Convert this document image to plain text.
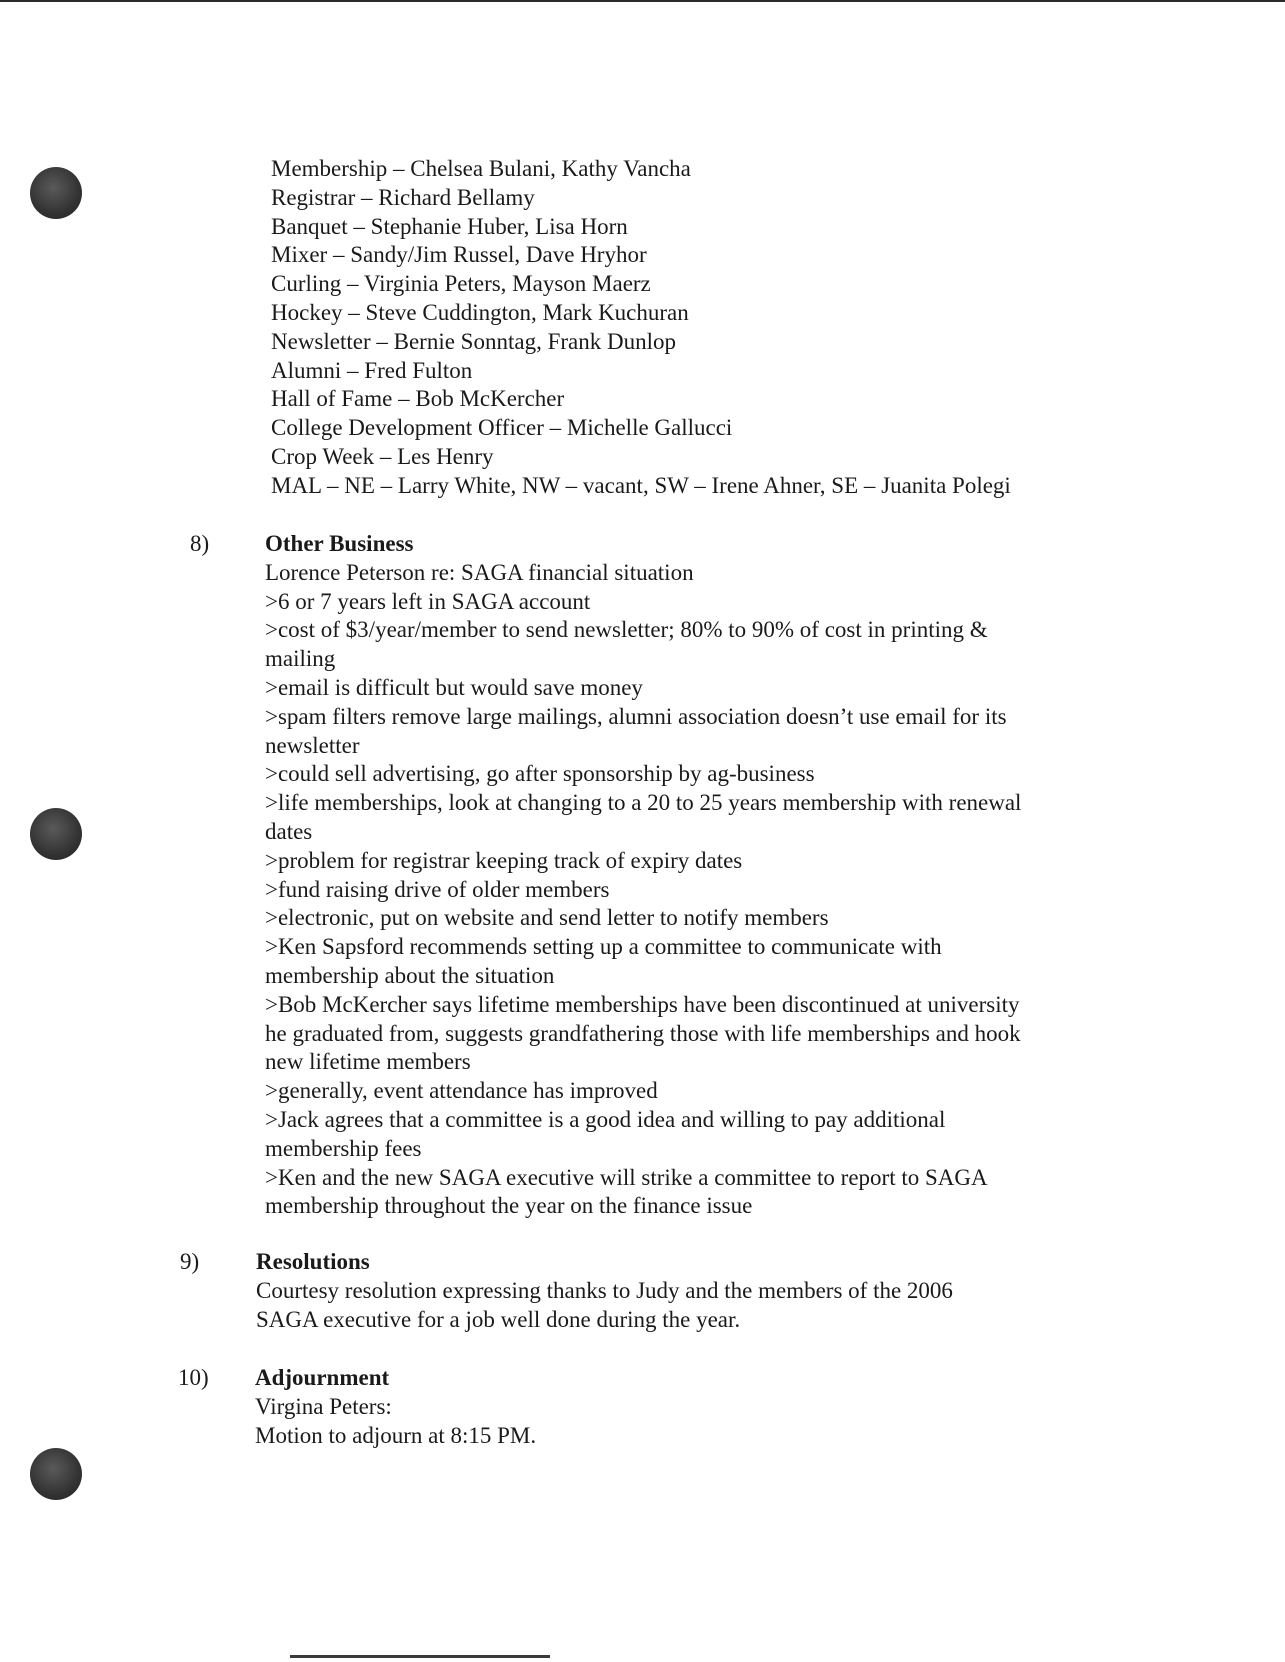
Membership – Chelsea Bulani, Kathy Vancha
Registrar – Richard Bellamy
Banquet – Stephanie Huber, Lisa Horn
Mixer – Sandy/Jim Russel, Dave Hryhor
Curling – Virginia Peters, Mayson Maerz
Hockey – Steve Cuddington, Mark Kuchuran
Newsletter – Bernie Sonntag, Frank Dunlop
Alumni – Fred Fulton
Hall of Fame – Bob McKercher
College Development Officer – Michelle Gallucci
Crop Week – Les Henry
MAL – NE – Larry White, NW – vacant, SW – Irene Ahner, SE – Juanita Polegi
8) Other Business
Lorence Peterson re: SAGA financial situation
>6 or 7 years left in SAGA account
>cost of $3/year/member to send newsletter; 80% to 90% of cost in printing &
mailing
>email is difficult but would save money
>spam filters remove large mailings, alumni association doesn’t use email for its
newsletter
>could sell advertising, go after sponsorship by ag-business
>life memberships, look at changing to a 20 to 25 years membership with renewal
dates
>problem for registrar keeping track of expiry dates
>fund raising drive of older members
>electronic, put on website and send letter to notify members
>Ken Sapsford recommends setting up a committee to communicate with
membership about the situation
>Bob McKercher says lifetime memberships have been discontinued at university
he graduated from, suggests grandfathering those with life memberships and hook
new lifetime members
>generally, event attendance has improved
>Jack agrees that a committee is a good idea and willing to pay additional
membership fees
>Ken and the new SAGA executive will strike a committee to report to SAGA
membership throughout the year on the finance issue
9) Resolutions
Courtesy resolution expressing thanks to Judy and the members of the 2006
SAGA executive for a job well done during the year.
10) Adjournment
Virgina Peters:
Motion to adjourn at 8:15 PM.
